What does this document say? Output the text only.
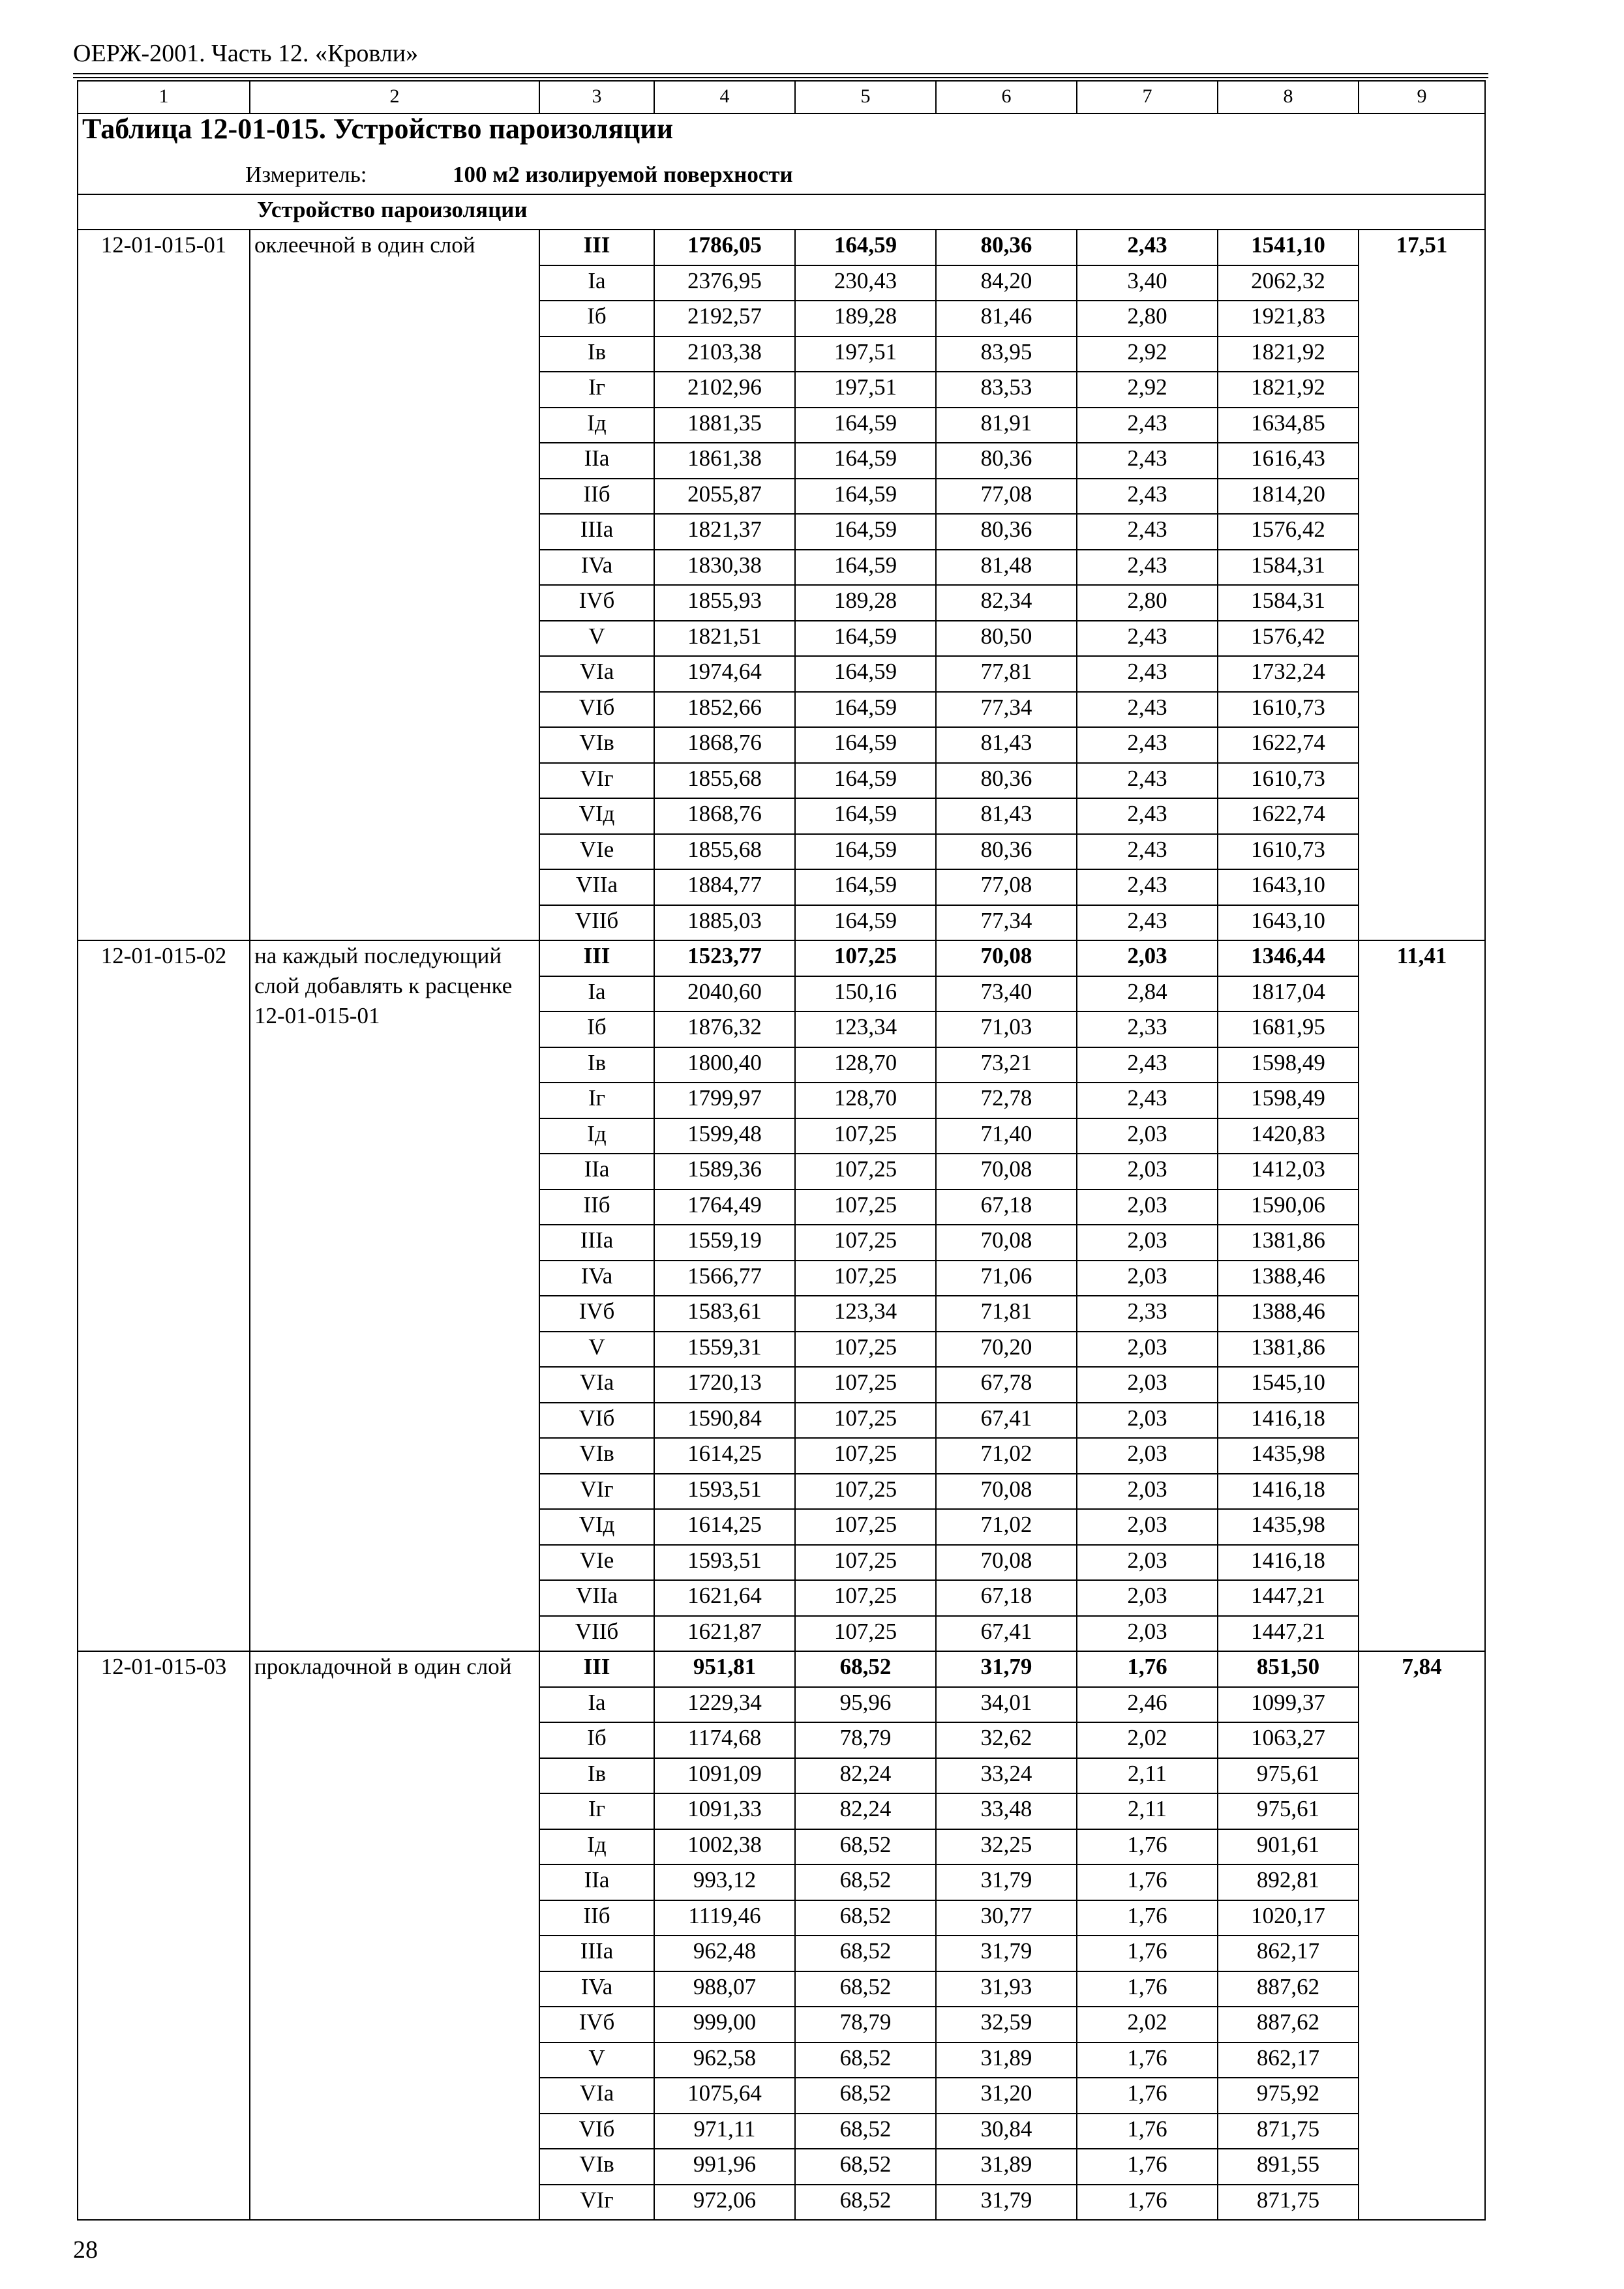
ОЕРЖ-2001. Часть 12. «Кровли»
1	2	3	4	5	6	7	8	9
Таблица 12-01-015. Устройство пароизоляции								
Измеритель: 100 м2 изолируемой поверхности								
Устройство пароизоляции								
12-01-015-01	оклеечной в один слой	III	1786,05	164,59	80,36	2,43	1541,10	17,51
		Ia	2376,95	230,43	84,20	3,40	2062,32	
		Iб	2192,57	189,28	81,46	2,80	1921,83	
		Iв	2103,38	197,51	83,95	2,92	1821,92	
		Iг	2102,96	197,51	83,53	2,92	1821,92	
		Iд	1881,35	164,59	81,91	2,43	1634,85	
		IIa	1861,38	164,59	80,36	2,43	1616,43	
		IIб	2055,87	164,59	77,08	2,43	1814,20	
		IIIa	1821,37	164,59	80,36	2,43	1576,42	
		IVa	1830,38	164,59	81,48	2,43	1584,31	
		IVб	1855,93	189,28	82,34	2,80	1584,31	
		V	1821,51	164,59	80,50	2,43	1576,42	
		VIa	1974,64	164,59	77,81	2,43	1732,24	
		VIб	1852,66	164,59	77,34	2,43	1610,73	
		VIв	1868,76	164,59	81,43	2,43	1622,74	
		VIг	1855,68	164,59	80,36	2,43	1610,73	
		VIд	1868,76	164,59	81,43	2,43	1622,74	
		VIe	1855,68	164,59	80,36	2,43	1610,73	
		VIIa	1884,77	164,59	77,08	2,43	1643,10	
		VIIб	1885,03	164,59	77,34	2,43	1643,10	
12-01-015-02	на каждый последующий слой добавлять к расценке 12-01-015-01	III	1523,77	107,25	70,08	2,03	1346,44	11,41
		Ia	2040,60	150,16	73,40	2,84	1817,04	
		Iб	1876,32	123,34	71,03	2,33	1681,95	
		Iв	1800,40	128,70	73,21	2,43	1598,49	
		Iг	1799,97	128,70	72,78	2,43	1598,49	
		Iд	1599,48	107,25	71,40	2,03	1420,83	
		IIa	1589,36	107,25	70,08	2,03	1412,03	
		IIб	1764,49	107,25	67,18	2,03	1590,06	
		IIIa	1559,19	107,25	70,08	2,03	1381,86	
		IVa	1566,77	107,25	71,06	2,03	1388,46	
		IVб	1583,61	123,34	71,81	2,33	1388,46	
		V	1559,31	107,25	70,20	2,03	1381,86	
		VIa	1720,13	107,25	67,78	2,03	1545,10	
		VIб	1590,84	107,25	67,41	2,03	1416,18	
		VIв	1614,25	107,25	71,02	2,03	1435,98	
		VIг	1593,51	107,25	70,08	2,03	1416,18	
		VIд	1614,25	107,25	71,02	2,03	1435,98	
		VIe	1593,51	107,25	70,08	2,03	1416,18	
		VIIa	1621,64	107,25	67,18	2,03	1447,21	
		VIIб	1621,87	107,25	67,41	2,03	1447,21	
12-01-015-03	прокладочной в один слой	III	951,81	68,52	31,79	1,76	851,50	7,84
		Ia	1229,34	95,96	34,01	2,46	1099,37	
		Iб	1174,68	78,79	32,62	2,02	1063,27	
		Iв	1091,09	82,24	33,24	2,11	975,61	
		Iг	1091,33	82,24	33,48	2,11	975,61	
		Iд	1002,38	68,52	32,25	1,76	901,61	
		IIa	993,12	68,52	31,79	1,76	892,81	
		IIб	1119,46	68,52	30,77	1,76	1020,17	
		IIIa	962,48	68,52	31,79	1,76	862,17	
		IVa	988,07	68,52	31,93	1,76	887,62	
		IVб	999,00	78,79	32,59	2,02	887,62	
		V	962,58	68,52	31,89	1,76	862,17	
		VIa	1075,64	68,52	31,20	1,76	975,92	
		VIб	971,11	68,52	30,84	1,76	871,75	
		VIв	991,96	68,52	31,89	1,76	891,55	
		VIг	972,06	68,52	31,79	1,76	871,75	
28
